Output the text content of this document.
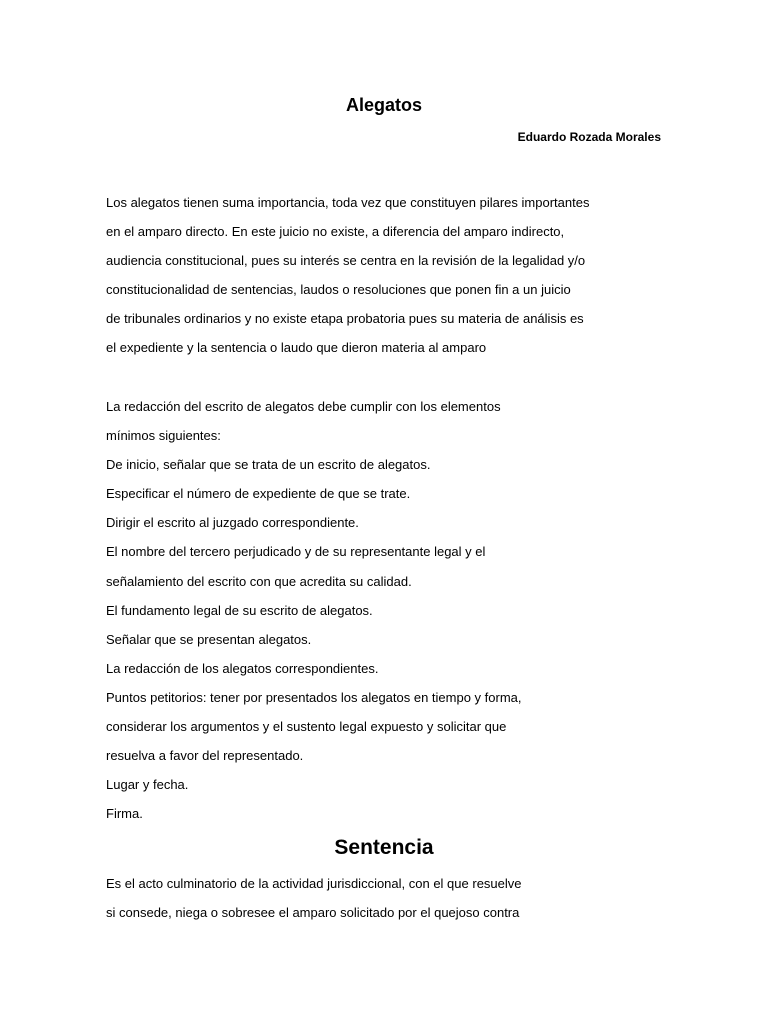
Alegatos

Eduardo Rozada Morales

Los alegatos tienen suma importancia, toda vez que constituyen pilares importantes
en el amparo directo. En este juicio no existe, a diferencia del amparo indirecto,
audiencia constitucional, pues su interés se centra en la revisión de la legalidad y/o
constitucionalidad de sentencias, laudos o resoluciones que ponen fin a un juicio
de tribunales ordinarios y no existe etapa probatoria pues su materia de análisis es
el expediente y la sentencia o laudo que dieron materia al amparo
La redacción del escrito de alegatos debe cumplir con los elementos
mínimos siguientes:
De inicio, señalar que se trata de un escrito de alegatos.
Especificar el número de expediente de que se trate.
Dirigir el escrito al juzgado correspondiente.
El nombre del tercero perjudicado y de su representante legal y el
señalamiento del escrito con que acredita su calidad.
El fundamento legal de su escrito de alegatos.
Señalar que se presentan alegatos.
La redacción de los alegatos correspondientes.
Puntos petitorios: tener por presentados los alegatos en tiempo y forma,
considerar los argumentos y el sustento legal expuesto y solicitar que
resuelva a favor del representado.
Lugar y fecha.
Firma.
Sentencia
Es el acto culminatorio de la actividad jurisdiccional, con el que resuelve
si consede, niega o sobresee el amparo solicitado por el quejoso contra
